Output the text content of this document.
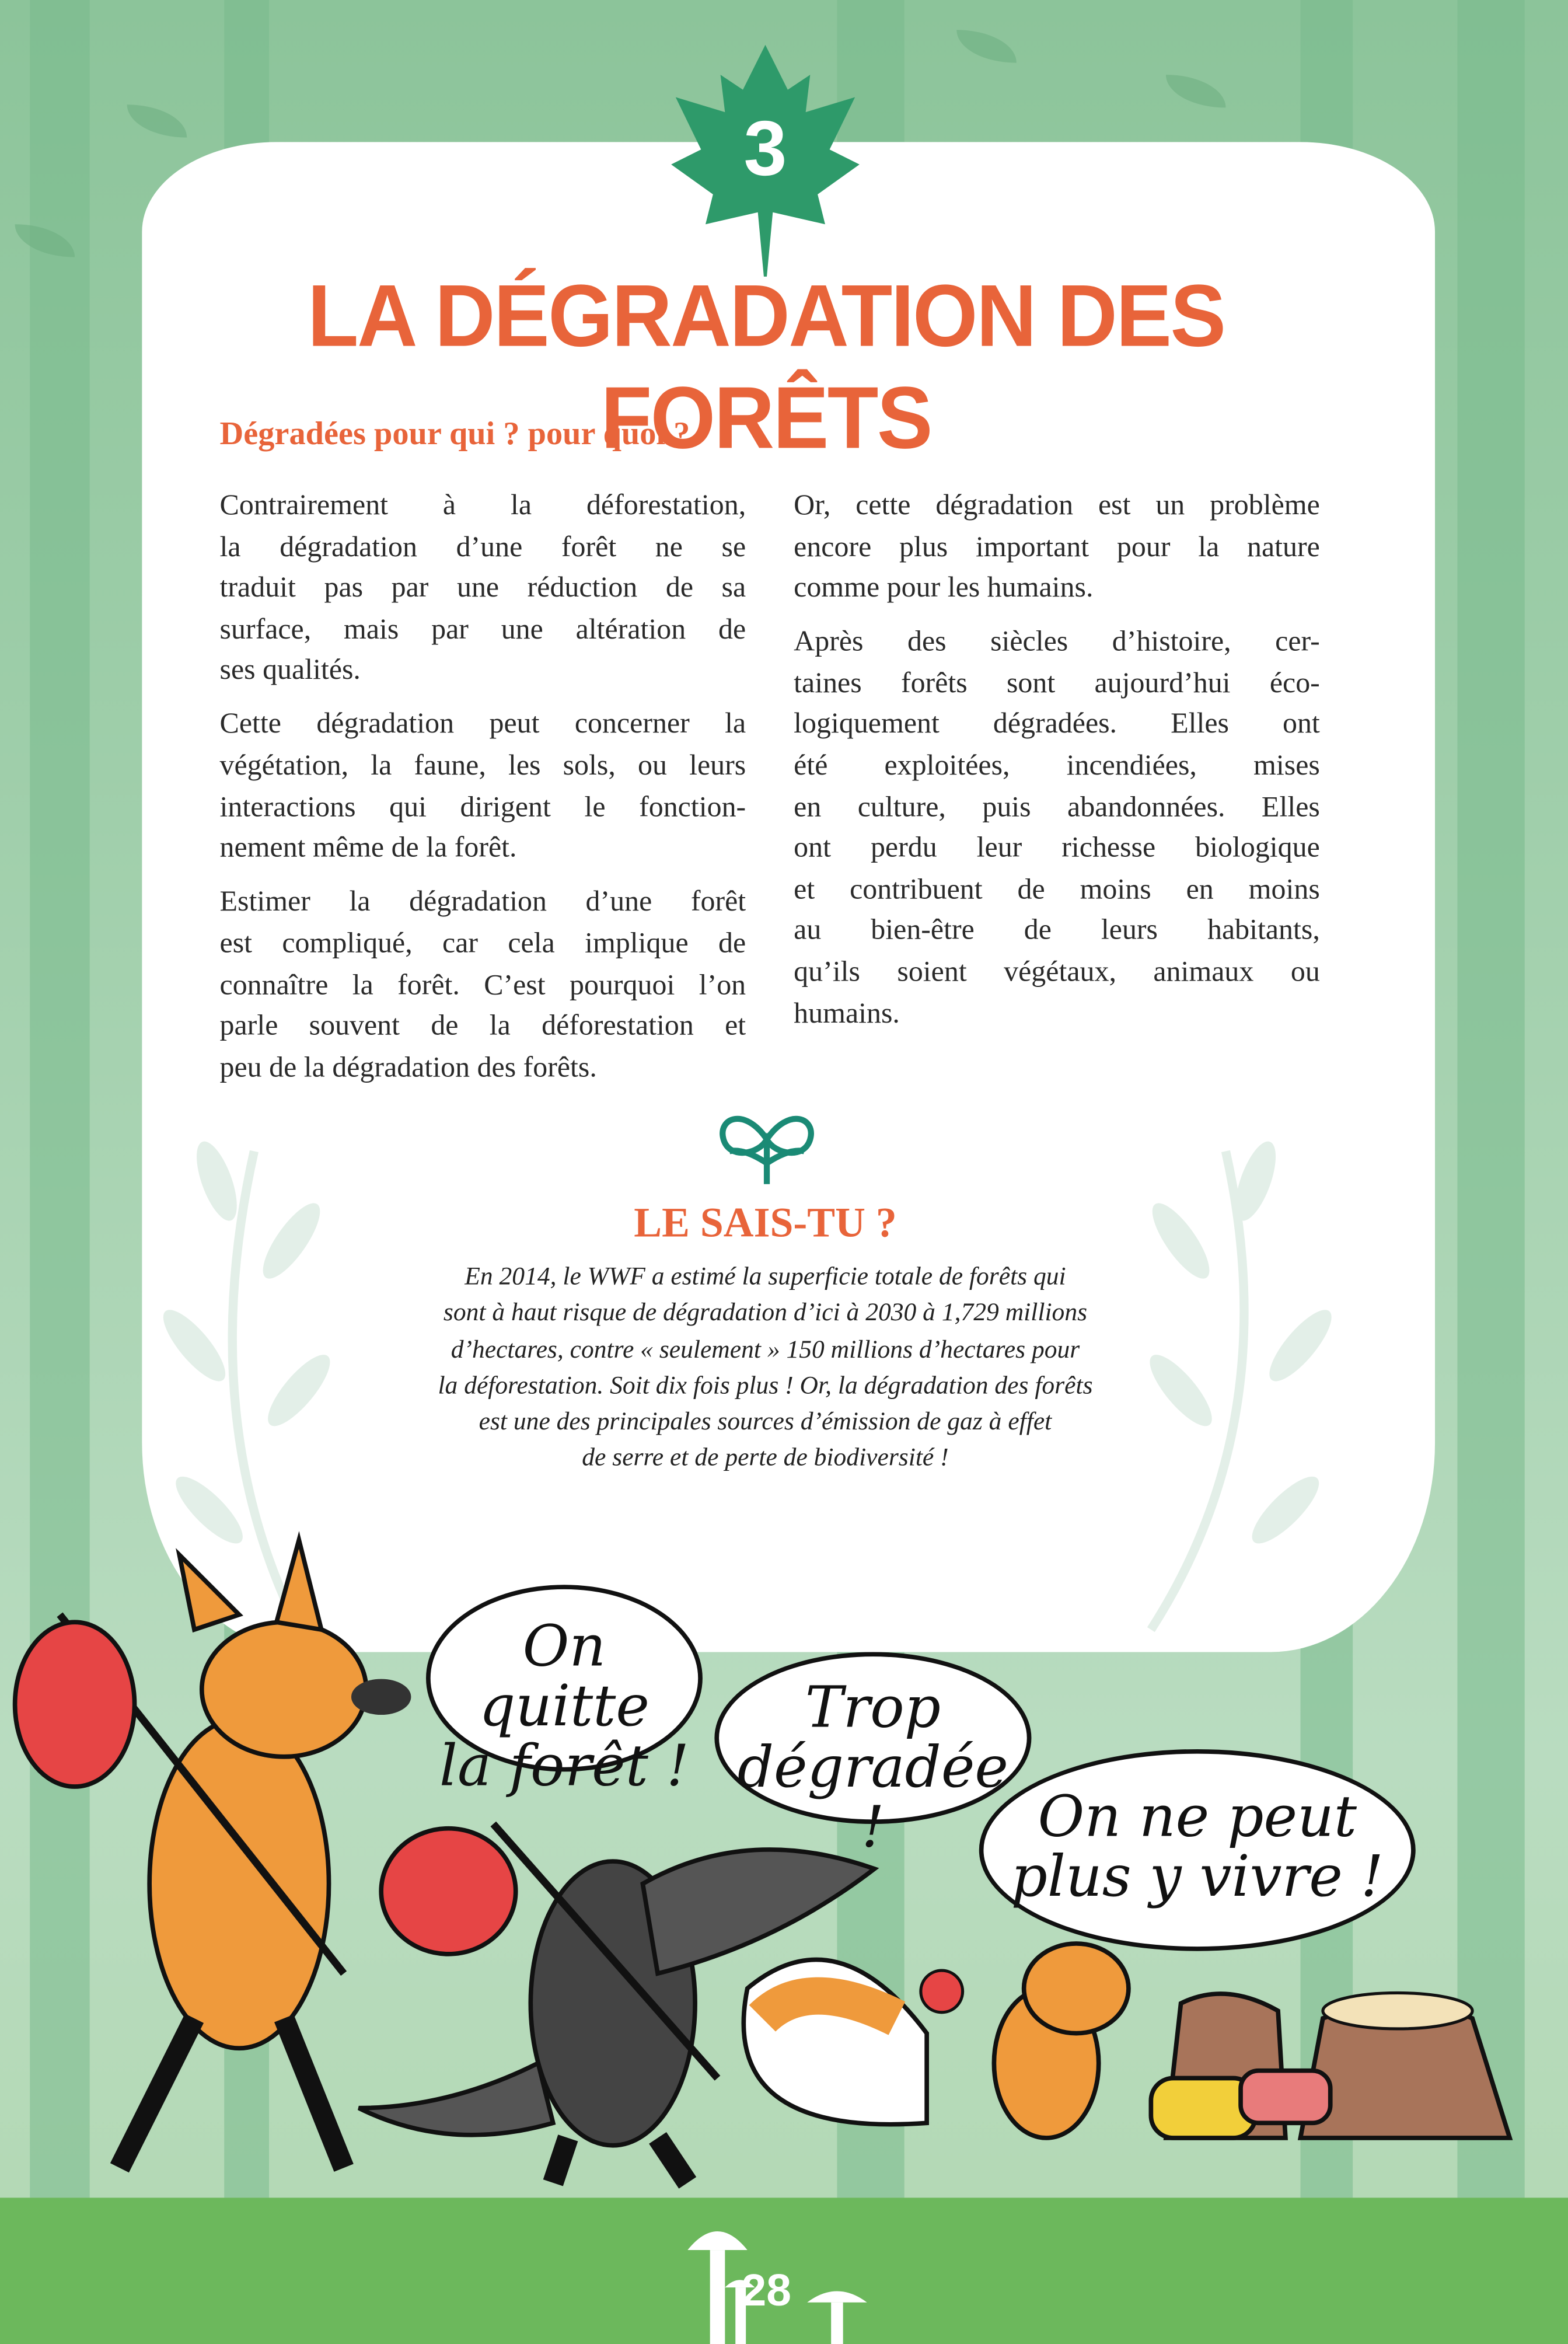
3
LA DÉGRADATION DES FORÊTS
Dégradées pour qui ? pour quoi ?
Contrairement à la déforestation,
la dégradation d’une forêt ne se
traduit pas par une réduction de sa
surface, mais par une altération de
ses qualités.
Cette dégradation peut concerner la
végétation, la faune, les sols, ou leurs
interactions qui dirigent le fonction-
nement même de la forêt.
Estimer la dégradation d’une forêt
est compliqué, car cela implique de
connaître la forêt. C’est pourquoi l’on
parle souvent de la déforestation et
peu de la dégradation des forêts.
Or, cette dégradation est un problème
encore plus important pour la nature
comme pour les humains.
Après des siècles d’histoire, cer-
taines forêts sont aujourd’hui éco-
logiquement dégradées. Elles ont
été exploitées, incendiées, mises
en culture, puis abandonnées. Elles
ont perdu leur richesse biologique
et contribuent de moins en moins
au bien-être de leurs habitants,
qu’ils soient végétaux, animaux ou
humains.
LE SAIS-TU ?
En 2014, le WWF a estimé la superficie totale de forêts qui
sont à haut risque de dégradation d’ici à 2030 à 1,729 millions
d’hectares, contre « seulement » 150 millions d’hectares pour
la déforestation. Soit dix fois plus ! Or, la dégradation des forêts
est une des principales sources d’émission de gaz à effet
de serre et de perte de biodiversité !
On quitte
la forêt !
Trop
dégradée !	On ne peut
plus y vivre !
28
